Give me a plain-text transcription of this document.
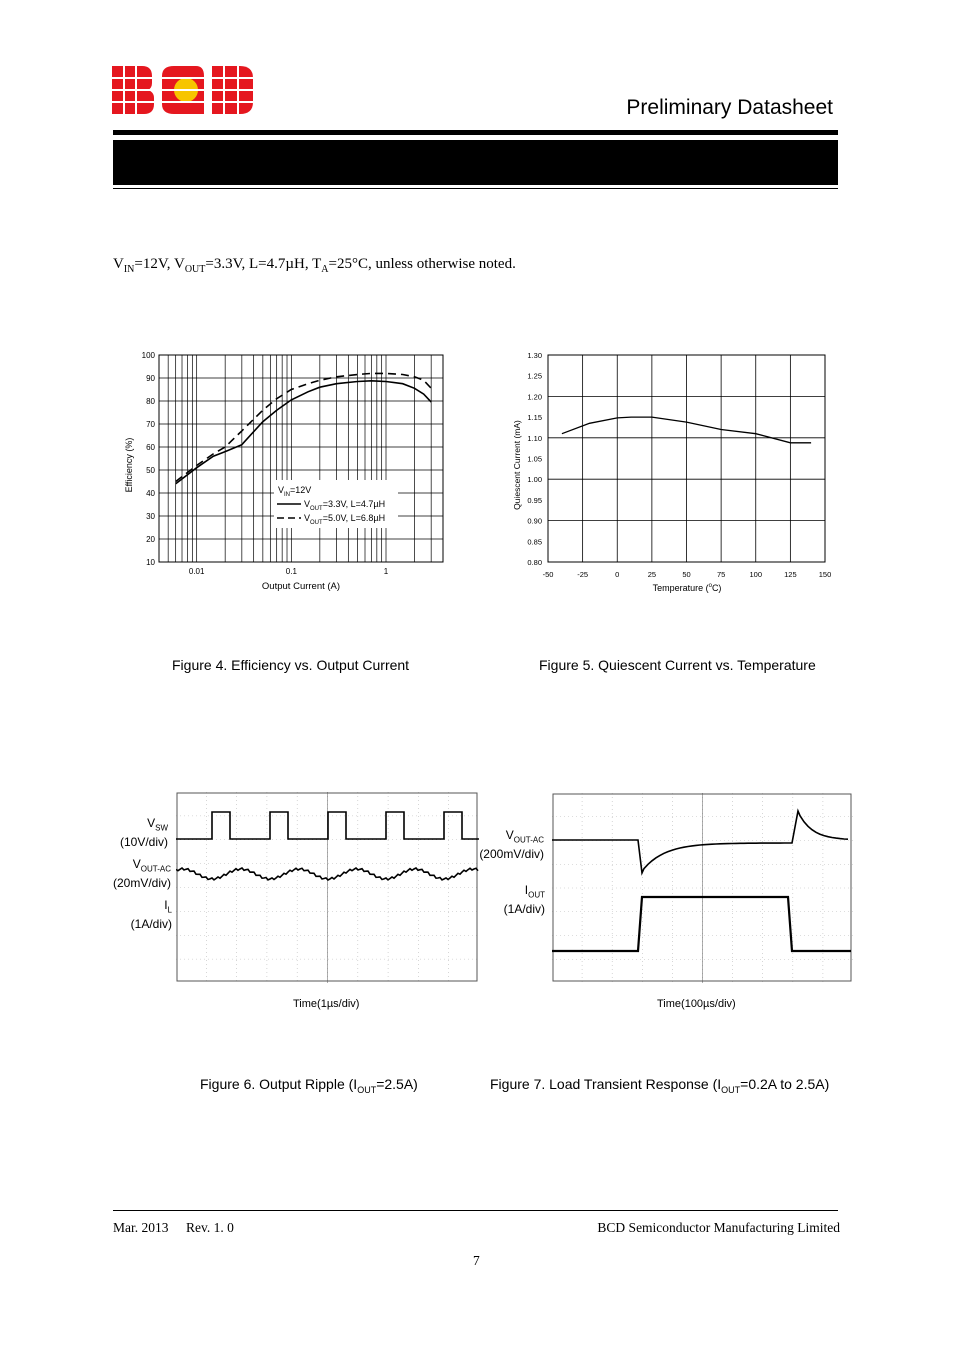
Preliminary Datasheet
$V_{IN}=12V$, $V_{OUT}=3.3V$, L=4.7µH, $T_A=25^\circ C$, unless otherwise noted.
10
20
30
40
50
60
70
80
90
100
0.01	0.1	1
Efficiency (%)
Output Current (A)
$V_{IN}=12V$
$V_{OUT}=3.3V$, L=4.7µH
$V_{OUT}=5.0V$, L=6.8µH
Figure 4. Efficiency vs. Output Current
0.80
0.85
0.90
0.95
1.00
1.05
1.10
1.15
1.20
1.25
1.30
-50	-25	0	25	50	75	100	125	150
Quiescent Current (mA)
Temperature ($^o$C)
Figure 5. Quiescent Current vs. Temperature
$V_{SW}$
(10V/div)
$V_{OUT-AC}$
(20mV/div)
$I_L$
(1A/div)
Time(1µs/div)
Figure 6. Output Ripple $(I_{OUT}=2.5A)$
$V_{OUT-AC}$
(200mV/div)
$I_{OUT}$
(1A/div)
Time(100µs/div)
Figure 7. Load Transient Response ($I_{OUT}=0.2A$ to 2.5A)
Mar. 2013 Rev. 1. 0	BCD Semiconductor Manufacturing Limited
7
